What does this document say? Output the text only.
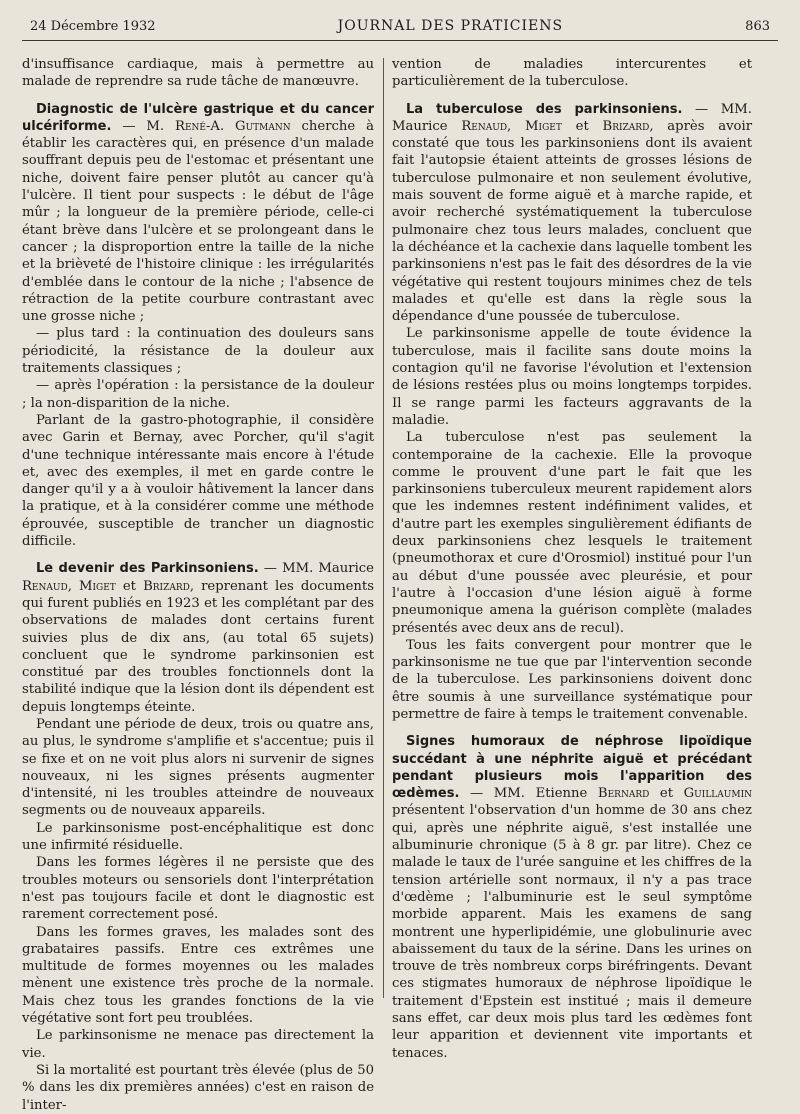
24 Décembre 1932	JOURNAL DES PRATICIENS	863

d'insuffisance cardiaque, mais à permettre au malade de reprendre sa rude tâche de manœuvre.

Diagnostic de l'ulcère gastrique et du cancer ulcériforme. — M. René-A. Gutmann cherche à établir les caractères qui, en présence d'un malade souffrant depuis peu de l'estomac et présentant une niche, doivent faire penser plutôt au cancer qu'à l'ulcère. Il tient pour suspects : le début de l'âge mûr ; la longueur de la première période, celle-ci étant brève dans l'ulcère et se prolongeant dans le cancer ; la disproportion entre la taille de la niche et la brièveté de l'histoire clinique : les irrégularités d'emblée dans le contour de la niche ; l'absence de rétraction de la petite courbure contrastant avec une grosse niche ;

— plus tard : la continuation des douleurs sans périodicité, la résistance de la douleur aux traitements classiques ;

— après l'opération : la persistance de la douleur ; la non-disparition de la niche.

Parlant de la gastro-photographie, il considère avec Garin et Bernay, avec Porcher, qu'il s'agit d'une technique intéressante mais encore à l'étude et, avec des exemples, il met en garde contre le danger qu'il y a à vouloir hâtivement la lancer dans la pratique, et à la considérer comme une méthode éprouvée, susceptible de trancher un diagnostic difficile.

Le devenir des Parkinsoniens. — MM. Maurice Renaud, Miget et Brizard, reprenant les documents qui furent publiés en 1923 et les complétant par des observations de malades dont certains furent suivies plus de dix ans, (au total 65 sujets) concluent que le syndrome parkinsonien est constitué par des troubles fonctionnels dont la stabilité indique que la lésion dont ils dépendent est depuis longtemps éteinte.

Pendant une période de deux, trois ou quatre ans, au plus, le syndrome s'amplifie et s'accentue; puis il se fixe et on ne voit plus alors ni survenir de signes nouveaux, ni les signes présents augmenter d'intensité, ni les troubles atteindre de nouveaux segments ou de nouveaux appareils.

Le parkinsonisme post-encéphalitique est donc une infirmité résiduelle.

Dans les formes légères il ne persiste que des troubles moteurs ou sensoriels dont l'interprétation n'est pas toujours facile et dont le diagnostic est rarement correctement posé.

Dans les formes graves, les malades sont des grabataires passifs. Entre ces extrêmes une multitude de formes moyennes ou les malades mènent une existence très proche de la normale. Mais chez tous les grandes fonctions de la vie végétative sont fort peu troublées.

Le parkinsonisme ne menace pas directement la vie.

Si la mortalité est pourtant très élevée (plus de 50 % dans les dix premières années) c'est en raison de l'inter-

vention de maladies intercurentes et particulièrement de la tuberculose.

La tuberculose des parkinsoniens. — MM. Maurice Renaud, Miget et Brizard, après avoir constaté que tous les parkinsoniens dont ils avaient fait l'autopsie étaient atteints de grosses lésions de tuberculose pulmonaire et non seulement évolutive, mais souvent de forme aiguë et à marche rapide, et avoir recherché systématiquement la tuberculose pulmonaire chez tous leurs malades, concluent que la déchéance et la cachexie dans laquelle tombent les parkinsoniens n'est pas le fait des désordres de la vie végétative qui restent toujours minimes chez de tels malades et qu'elle est dans la règle sous la dépendance d'une poussée de tuberculose.

Le parkinsonisme appelle de toute évidence la tuberculose, mais il facilite sans doute moins la contagion qu'il ne favorise l'évolution et l'extension de lésions restées plus ou moins longtemps torpides. Il se range parmi les facteurs aggravants de la maladie.

La tuberculose n'est pas seulement la contemporaine de la cachexie. Elle la provoque comme le prouvent d'une part le fait que les parkinsoniens tuberculeux meurent rapidement alors que les indemnes restent indéfiniment valides, et d'autre part les exemples singulièrement édifiants de deux parkinsoniens chez lesquels le traitement (pneumothorax et cure d'Orosmiol) institué pour l'un au début d'une poussée avec pleurésie, et pour l'autre à l'occasion d'une lésion aiguë à forme pneumonique amena la guérison complète (malades présentés avec deux ans de recul).

Tous les faits convergent pour montrer que le parkinsonisme ne tue que par l'intervention seconde de la tuberculose. Les parkinsoniens doivent donc être soumis à une surveillance systématique pour permettre de faire à temps le traitement convenable.

Signes humoraux de néphrose lipoïdique succédant à une néphrite aiguë et précédant pendant plusieurs mois l'apparition des œdèmes. — MM. Etienne Bernard et Guillaumin présentent l'observation d'un homme de 30 ans chez qui, après une néphrite aiguë, s'est installée une albuminurie chronique (5 à 8 gr. par litre). Chez ce malade le taux de l'urée sanguine et les chiffres de la tension artérielle sont normaux, il n'y a pas trace d'œdème ; l'albuminurie est le seul symptôme morbide apparent. Mais les examens de sang montrent une hyperlipidémie, une globulinurie avec abaissement du taux de la sérine. Dans les urines on trouve de très nombreux corps biréfringents. Devant ces stigmates humoraux de néphrose lipoïdique le traitement d'Epstein est institué ; mais il demeure sans effet, car deux mois plus tard les œdèmes font leur apparition et deviennent vite importants et tenaces.
